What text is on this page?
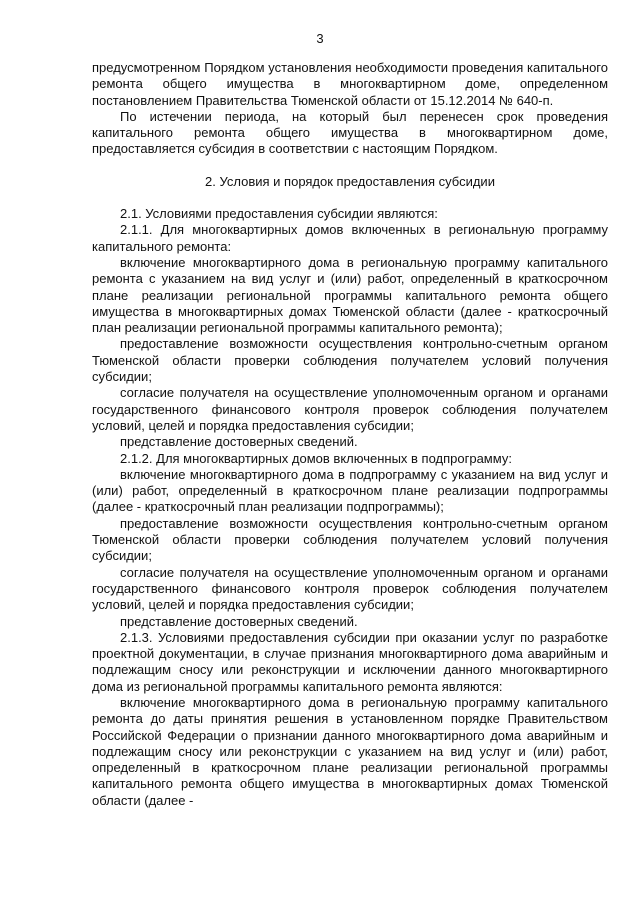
3

предусмотренном Порядком установления необходимости проведения капитального ремонта общего имущества в многоквартирном доме, определенном постановлением Правительства Тюменской области от 15.12.2014 № 640-п.

По истечении периода, на который был перенесен срок проведения капитального ремонта общего имущества в многоквартирном доме, предоставляется субсидия в соответствии с настоящим Порядком.

2. Условия и порядок предоставления субсидии

2.1. Условиями предоставления субсидии являются:

2.1.1. Для многоквартирных домов включенных в региональную программу капитального ремонта:

включение многоквартирного дома в региональную программу капитального ремонта с указанием на вид услуг и (или) работ, определенный в краткосрочном плане реализации региональной программы капитального ремонта общего имущества в многоквартирных домах Тюменской области (далее - краткосрочный план реализации региональной программы капитального ремонта);

предоставление возможности осуществления контрольно-счетным органом Тюменской области проверки соблюдения получателем условий получения субсидии;

согласие получателя на осуществление уполномоченным органом и органами государственного финансового контроля проверок соблюдения получателем условий, целей и порядка предоставления субсидии;

представление достоверных сведений.

2.1.2. Для многоквартирных домов включенных в подпрограмму:

включение многоквартирного дома в подпрограмму с указанием на вид услуг и (или) работ, определенный в краткосрочном плане реализации подпрограммы (далее - краткосрочный план реализации подпрограммы);

предоставление возможности осуществления контрольно-счетным органом Тюменской области проверки соблюдения получателем условий получения субсидии;

согласие получателя на осуществление уполномоченным органом и органами государственного финансового контроля проверок соблюдения получателем условий, целей и порядка предоставления субсидии;

представление достоверных сведений.

2.1.3. Условиями предоставления субсидии при оказании услуг по разработке проектной документации, в случае признания многоквартирного дома аварийным и подлежащим сносу или реконструкции и исключении данного многоквартирного дома из региональной программы капитального ремонта являются:

включение многоквартирного дома в региональную программу капитального ремонта до даты принятия решения в установленном порядке Правительством Российской Федерации о признании данного многоквартирного дома аварийным и подлежащим сносу или реконструкции с указанием на вид услуг и (или) работ, определенный в краткосрочном плане реализации региональной программы капитального ремонта общего имущества в многоквартирных домах Тюменской области (далее -
